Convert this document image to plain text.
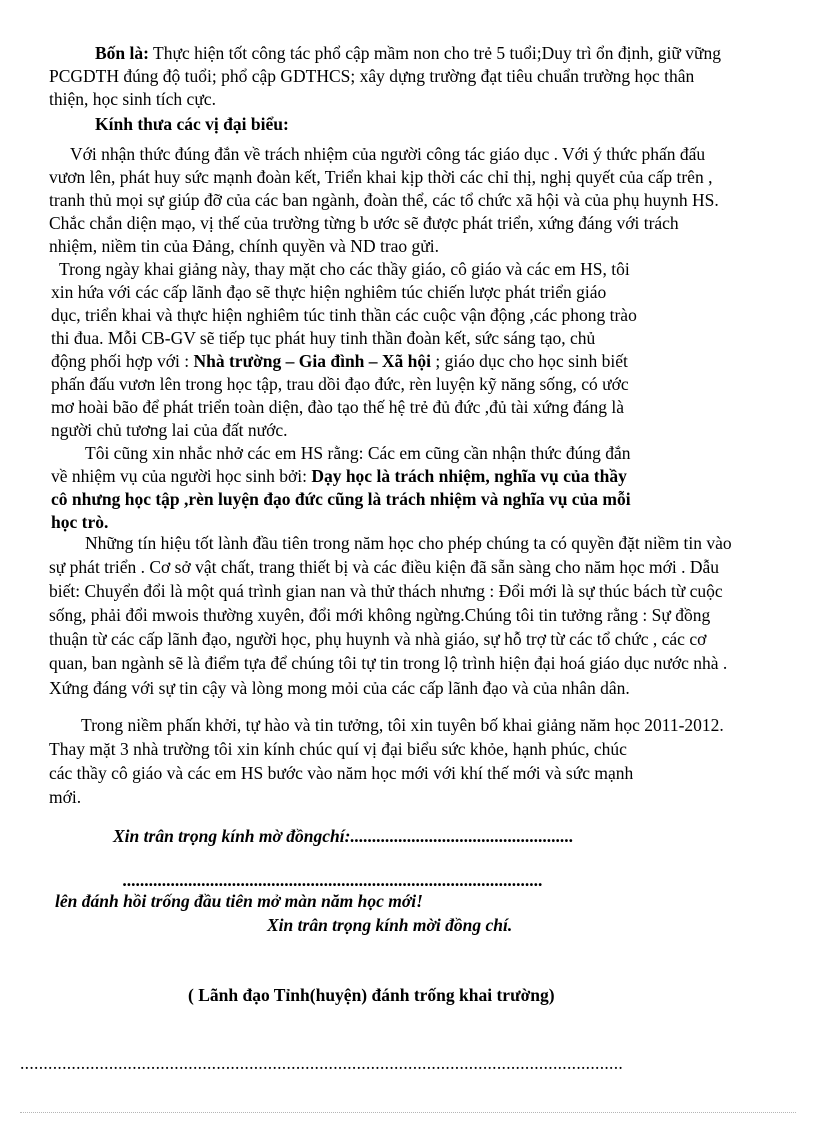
Bốn là: Thực hiện tốt công tác phổ cập mầm non cho trẻ 5 tuổi;Duy trì ổn định, giữ vững
PCGDTH đúng độ tuổi; phổ cập GDTHCS; xây dựng trường đạt tiêu chuẩn trường học thân
thiện, học sinh tích cực.
Kính thưa các vị đại biểu:
Với nhận thức đúng đắn về trách nhiệm của người công tác giáo dục . Với ý thức phấn đấu
vươn lên, phát huy sức mạnh đoàn kết, Triển khai kịp thời các chỉ thị, nghị quyết của cấp trên ,
tranh thủ mọi sự giúp đỡ của các ban ngành, đoàn thể, các tổ chức xã hội và của phụ huynh HS.
Chắc chắn diện mạo, vị thế của trường từng b ước sẽ được phát triển, xứng đáng với trách
nhiệm, niềm tin của Đảng, chính quyền và ND trao gửi.
Trong ngày khai giảng này, thay mặt cho các thầy giáo, cô giáo và các em HS, tôi
xin hứa với các cấp lãnh đạo sẽ thực hiện nghiêm túc chiến lược phát triển giáo
dục, triển khai và thực hiện nghiêm túc tinh thần các cuộc vận động ,các phong trào
thi đua. Mỗi CB-GV sẽ tiếp tục phát huy tinh thần đoàn kết, sức sáng tạo, chủ
động phối hợp với : Nhà trường – Gia đình – Xã hội ; giáo dục cho học sinh biết
phấn đấu vươn lên trong học tập, trau dồi đạo đức, rèn luyện kỹ năng sống, có ước
mơ hoài bão để phát triển toàn diện, đào tạo thế hệ trẻ đủ đức ,đủ tài xứng đáng là
người chủ tương lai của đất nước.
Tôi cũng xin nhắc nhở các em HS rằng: Các em cũng cần nhận thức đúng đắn
về nhiệm vụ của người học sinh bởi: Dạy học là trách nhiệm, nghĩa vụ của thầy
cô nhưng học tập ,rèn luyện đạo đức cũng là trách nhiệm và nghĩa vụ của mỗi
học trò.
Những tín hiệu tốt lành đầu tiên trong năm học cho phép chúng ta có quyền đặt niềm tin vào
sự phát triển . Cơ sở vật chất, trang thiết bị và các điều kiện đã sẵn sàng cho năm học mới . Dẫu
biết: Chuyển đổi là một quá trình gian nan và thử thách nhưng : Đổi mới là sự thúc bách từ cuộc
sống, phải đổi mwois thường xuyên, đổi mới không ngừng.Chúng tôi tin tưởng rằng : Sự đồng
thuận từ các cấp lãnh đạo, người học, phụ huynh và nhà giáo, sự hỗ trợ từ các tổ chức , các cơ
quan, ban ngành sẽ là điểm tựa để chúng tôi tự tin trong lộ trình hiện đại hoá giáo dục nước nhà .
Xứng đáng với sự tin cậy và lòng mong mỏi của các cấp lãnh đạo và của nhân dân.
Trong niềm phấn khởi, tự hào và tin tưởng, tôi xin tuyên bố khai giảng năm học 2011-2012.
Thay mặt 3 nhà trường tôi xin kính chúc quí vị đại biểu sức khỏe, hạnh phúc, chúc
các thầy cô giáo và các em HS bước vào năm học mới với khí thế mới và sức mạnh
mới.
Xin trân trọng kính mờ đồngchí:...................................................
................................................................................................
lên đánh hồi trống đầu tiên mở màn năm học mới!
Xin trân trọng kính mời đồng chí.
( Lãnh đạo Tỉnh(huyện) đánh trống khai trường)
.................................................................................................................................
